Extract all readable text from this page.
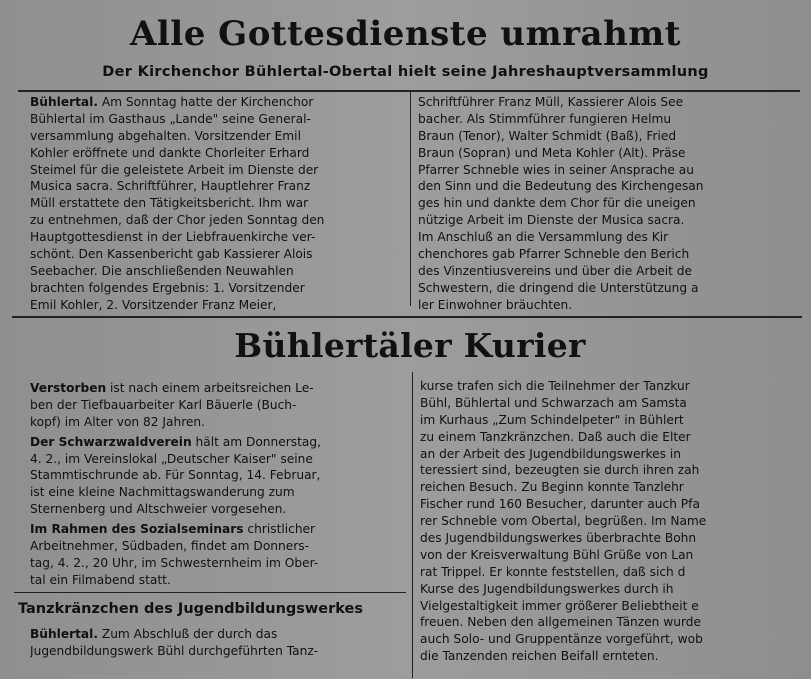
Alle Gottesdienste umrahmt
Der Kirchenchor Bühlertal-Obertal hielt seine Jahreshauptversammlung
Bühlertal. Am Sonntag hatte der Kirchenchor
Bühlertal im Gasthaus „Lande" seine General-
versammlung abgehalten. Vorsitzender Emil
Kohler eröffnete und dankte Chorleiter Erhard
Steimel für die geleistete Arbeit im Dienste der
Musica sacra. Schriftführer, Hauptlehrer Franz
Müll erstattete den Tätigkeitsbericht. Ihm war
zu entnehmen, daß der Chor jeden Sonntag den
Hauptgottesdienst in der Liebfrauenkirche ver-
schönt. Den Kassenbericht gab Kassierer Alois
Seebacher. Die anschließenden Neuwahlen
brachten folgendes Ergebnis: 1. Vorsitzender
Emil Kohler, 2. Vorsitzender Franz Meier,
Schriftführer Franz Müll, Kassierer Alois See
bacher. Als Stimmführer fungieren Helmu
Braun (Tenor), Walter Schmidt (Baß), Fried
Braun (Sopran) und Meta Kohler (Alt). Präse
Pfarrer Schneble wies in seiner Ansprache au
den Sinn und die Bedeutung des Kirchengesan
ges hin und dankte dem Chor für die uneigen
nützige Arbeit im Dienste der Musica sacra.
Im Anschluß an die Versammlung des Kir
chenchores gab Pfarrer Schneble den Berich
des Vinzentiusvereins und über die Arbeit de
Schwestern, die dringend die Unterstützung a
ler Einwohner bräuchten.
Bühlertäler Kurier
Verstorben ist nach einem arbeitsreichen Le-
ben der Tiefbauarbeiter Karl Bäuerle (Buch-
kopf) im Alter von 82 Jahren.
Der Schwarzwaldverein hält am Donnerstag,
4. 2., im Vereinslokal „Deutscher Kaiser" seine
Stammtischrunde ab. Für Sonntag, 14. Februar,
ist eine kleine Nachmittagswanderung zum
Sternenberg und Altschweier vorgesehen.
Im Rahmen des Sozialseminars christlicher
Arbeitnehmer, Südbaden, findet am Donners-
tag, 4. 2., 20 Uhr, im Schwesternheim im Ober-
tal ein Filmabend statt.
Tanzkränzchen des Jugendbildungswerkes
Bühlertal. Zum Abschluß der durch das
Jugendbildungswerk Bühl durchgeführten Tanz-
kurse trafen sich die Teilnehmer der Tanzkur
Bühl, Bühlertal und Schwarzach am Samsta
im Kurhaus „Zum Schindelpeter" in Bühlert
zu einem Tanzkränzchen. Daß auch die Elter
an der Arbeit des Jugendbildungswerkes in
teressiert sind, bezeugten sie durch ihren zah
reichen Besuch. Zu Beginn konnte Tanzlehr
Fischer rund 160 Besucher, darunter auch Pfa
rer Schneble vom Obertal, begrüßen. Im Name
des Jugendbildungswerkes überbrachte Bohn
von der Kreisverwaltung Bühl Grüße von Lan
rat Trippel. Er konnte feststellen, daß sich d
Kurse des Jugendbildungswerkes durch ih
Vielgestaltigkeit immer größerer Beliebtheit e
freuen. Neben den allgemeinen Tänzen wurde
auch Solo- und Gruppentänze vorgeführt, wob
die Tanzenden reichen Beifall ernteten.
